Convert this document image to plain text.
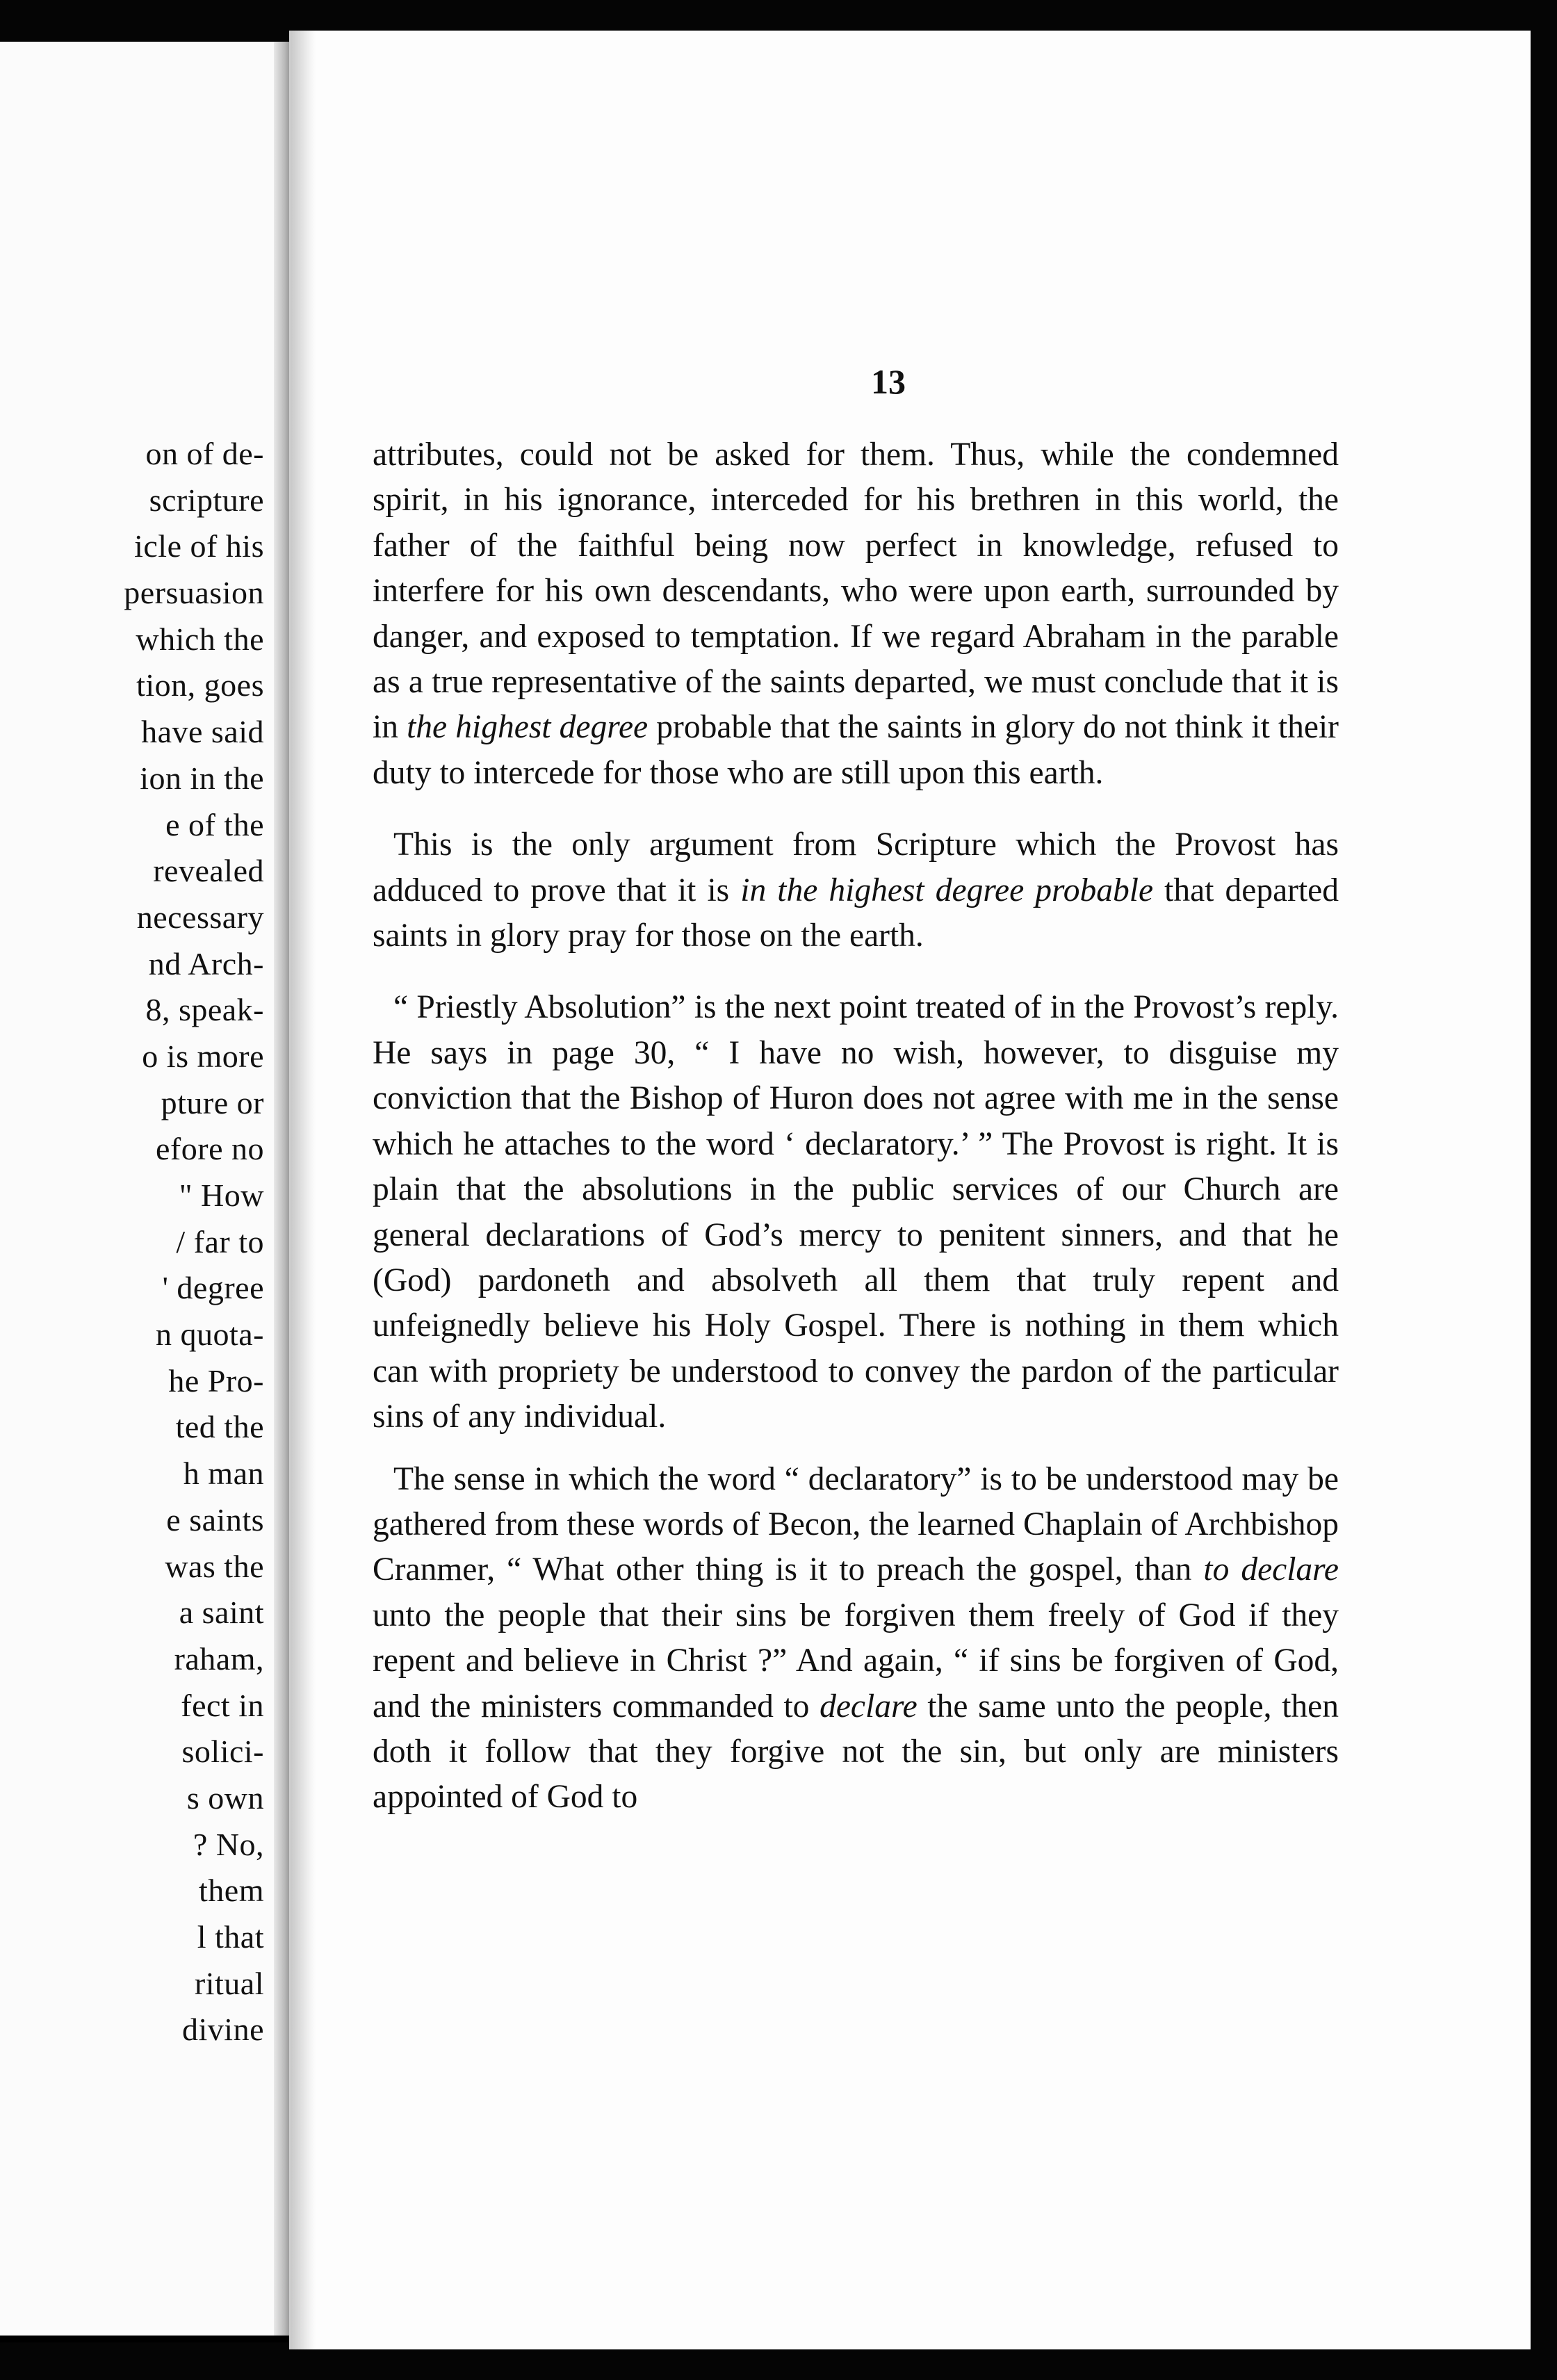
on of de-
scripture
icle of his
persuasion
which the
tion, goes
have said
ion in the
e of the
revealed
necessary
nd Arch-
8, speak-
o is more
pture or
efore no
" How
/ far to
' degree
n quota-
he Pro-
ted the
h man
e saints
was the
a saint
raham,
fect in
solici-
s own
? No,
them
l that
ritual
divine
13

attributes, could not be asked for them. Thus, while the condemned spirit, in his ignorance, interceded for his brethren in this world, the father of the faithful being now perfect in knowledge, refused to interfere for his own descendants, who were upon earth, surrounded by danger, and exposed to temptation. If we regard Abraham in the parable as a true representative of the saints departed, we must conclude that it is in the highest degree probable that the saints in glory do not think it their duty to intercede for those who are still upon this earth.

This is the only argument from Scripture which the Provost has adduced to prove that it is in the highest degree probable that departed saints in glory pray for those on the earth.

“ Priestly Absolution” is the next point treated of in the Provost’s reply. He says in page 30, “ I have no wish, however, to disguise my conviction that the Bishop of Huron does not agree with me in the sense which he attaches to the word ‘ declaratory.’ ” The Provost is right. It is plain that the absolutions in the public services of our Church are general declarations of God’s mercy to penitent sinners, and that he (God) pardoneth and absolveth all them that truly repent and unfeignedly believe his Holy Gospel. There is nothing in them which can with propriety be understood to convey the pardon of the particular sins of any individual.

The sense in which the word “ declaratory” is to be understood may be gathered from these words of Becon, the learned Chaplain of Archbishop Cranmer, “ What other thing is it to preach the gospel, than to declare unto the people that their sins be forgiven them freely of God if they repent and believe in Christ ?” And again, “ if sins be forgiven of God, and the ministers commanded to declare the same unto the people, then doth it follow that they forgive not the sin, but only are ministers appointed of God to
